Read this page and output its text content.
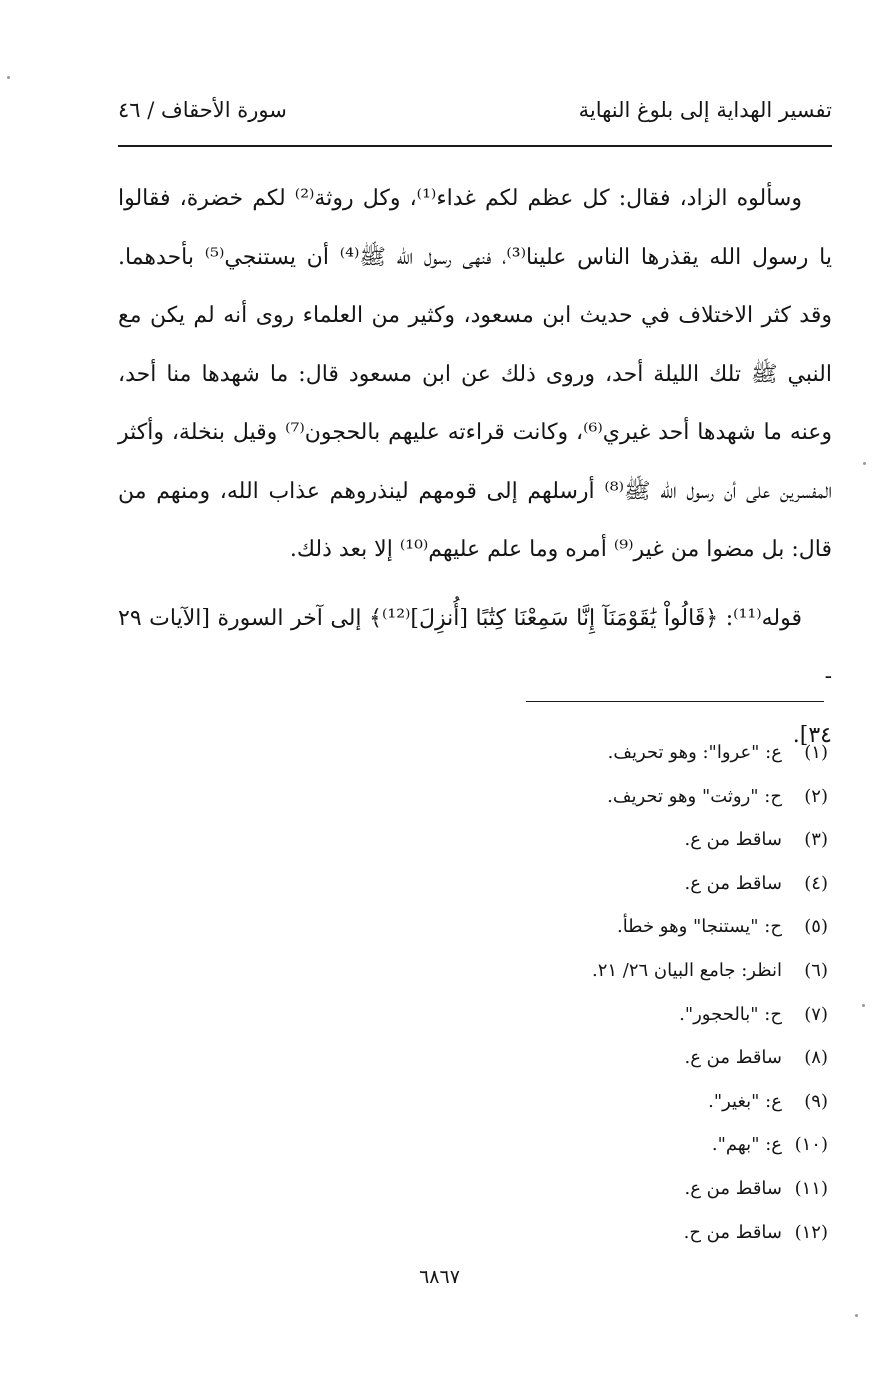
تفسير الهداية إلى بلوغ النهاية
سورة الأحقاف / ٤٦

وسألوه الزاد، فقال: كل عظم لكم غداء⁽¹⁾، وكل روثة⁽²⁾ لكم خضرة، فقالوا

يا رسول الله يقذرها الناس علينا⁽³⁾، فنهى رسول الله ﷺ⁽⁴⁾ أن يستنجي⁽⁵⁾ بأحدهما.

وقد كثر الاختلاف في حديث ابن مسعود، وكثير من العلماء روى أنه لم يكن مع

النبي ﷺ تلك الليلة أحد، وروى ذلك عن ابن مسعود قال: ما شهدها منا أحد،

وعنه ما شهدها أحد غيري⁽⁶⁾، وكانت قراءته عليهم بالحجون⁽⁷⁾ وقيل بنخلة، وأكثر

المفسرين على أن رسول الله ﷺ⁽⁸⁾ أرسلهم إلى قومهم لينذروهم عذاب الله، ومنهم من

قال: بل مضوا من غير⁽⁹⁾ أمره وما علم عليهم⁽¹⁰⁾ إلا بعد ذلك.

قوله⁽¹¹⁾: ﴿قَالُواْ يَٰقَوْمَنَآ إِنَّا سَمِعْنَا كِتَٰبًا [أُنزِلَ]⁽¹²⁾﴾ إلى آخر السورة [الآيات ٢٩ -

٣٤].

(١)ع: "عروا": وهو تحريف.
(٢)ح: "روثت" وهو تحريف.
(٣)ساقط من ع.
(٤)ساقط من ع.
(٥)ح: "يستنجا" وهو خطأ.
(٦)انظر: جامع البيان ٢٦/ ٢١.
(٧)ح: "بالحجور".
(٨)ساقط من ع.
(٩)ع: "بغير".
(١٠)ع: "بهم".
(١١)ساقط من ع.
(١٢)ساقط من ح.
٦٨٦٧
